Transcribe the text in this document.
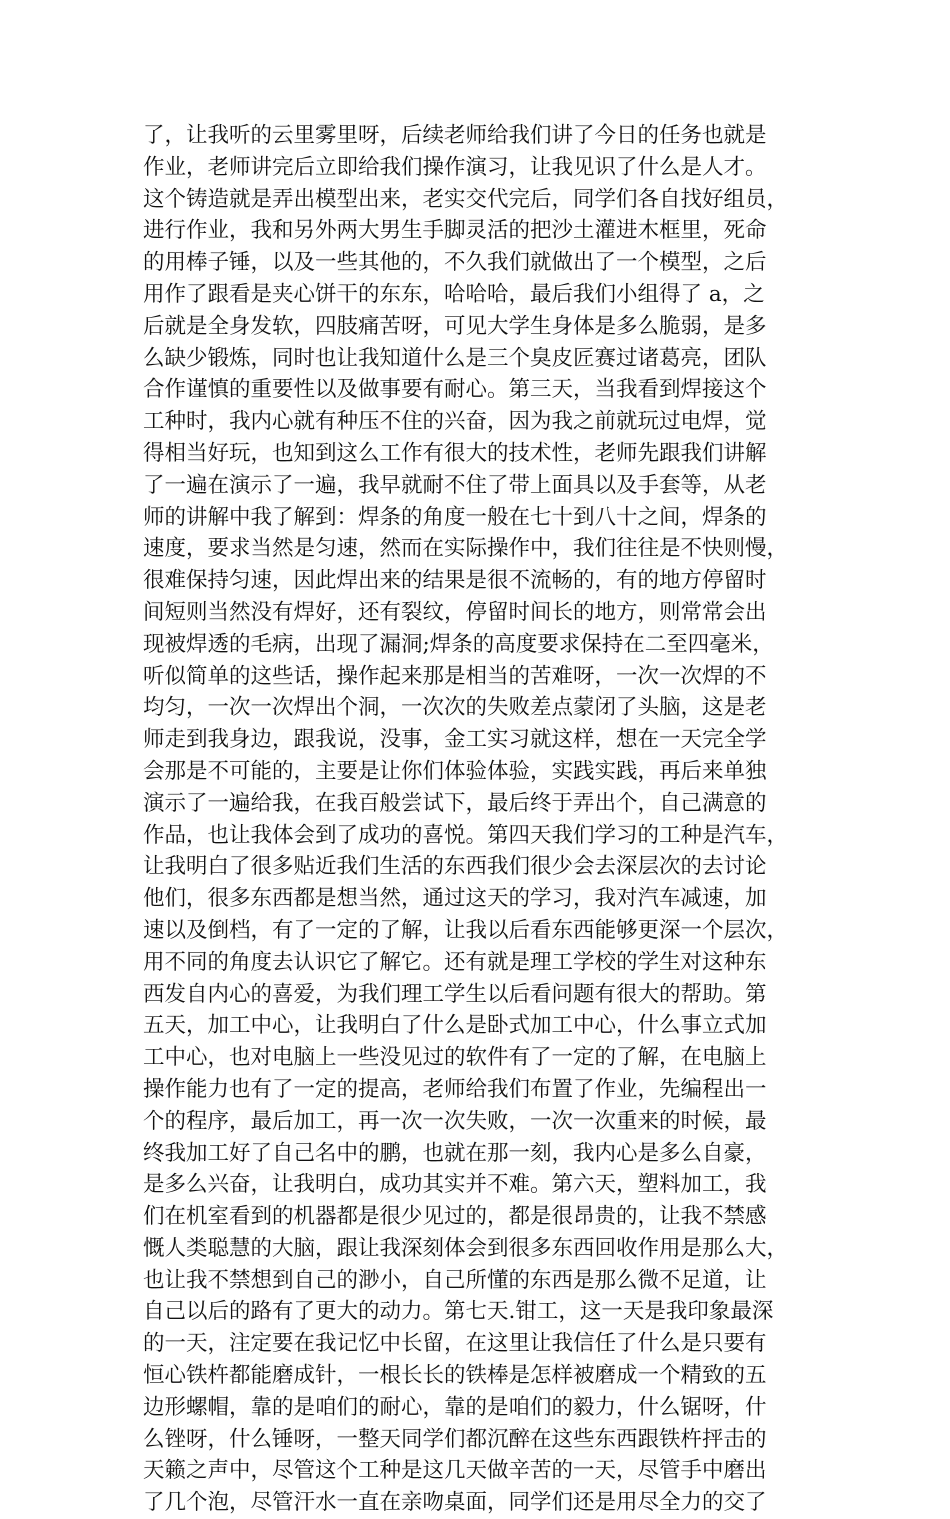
了，让我听的云里雾里呀，后续老师给我们讲了今日的任务也就是
作业，老师讲完后立即给我们操作演习，让我见识了什么是人才。
这个铸造就是弄出模型出来，老实交代完后，同学们各自找好组员，
进行作业，我和另外两大男生手脚灵活的把沙土灌进木框里，死命
的用棒子锤，以及一些其他的，不久我们就做出了一个模型，之后
用作了跟看是夹心饼干的东东，哈哈哈，最后我们小组得了 a，之
后就是全身发软，四肢痛苦呀，可见大学生身体是多么脆弱，是多
么缺少锻炼，同时也让我知道什么是三个臭皮匠赛过诸葛亮，团队
合作谨慎的重要性以及做事要有耐心。第三天，当我看到焊接这个
工种时，我内心就有种压不住的兴奋，因为我之前就玩过电焊，觉
得相当好玩，也知到这么工作有很大的技术性，老师先跟我们讲解
了一遍在演示了一遍，我早就耐不住了带上面具以及手套等，从老
师的讲解中我了解到：焊条的角度一般在七十到八十之间，焊条的
速度，要求当然是匀速，然而在实际操作中，我们往往是不快则慢，
很难保持匀速，因此焊出来的结果是很不流畅的，有的地方停留时
间短则当然没有焊好，还有裂纹，停留时间长的地方，则常常会出
现被焊透的毛病，出现了漏洞;焊条的高度要求保持在二至四毫米，
听似简单的这些话，操作起来那是相当的苦难呀，一次一次焊的不
均匀，一次一次焊出个洞，一次次的失败差点蒙闭了头脑，这是老
师走到我身边，跟我说，没事，金工实习就这样，想在一天完全学
会那是不可能的，主要是让你们体验体验，实践实践，再后来单独
演示了一遍给我，在我百般尝试下，最后终于弄出个，自己满意的
作品，也让我体会到了成功的喜悦。第四天我们学习的工种是汽车，
让我明白了很多贴近我们生活的东西我们很少会去深层次的去讨论
他们，很多东西都是想当然，通过这天的学习，我对汽车减速，加
速以及倒档，有了一定的了解，让我以后看东西能够更深一个层次，
用不同的角度去认识它了解它。还有就是理工学校的学生对这种东
西发自内心的喜爱，为我们理工学生以后看问题有很大的帮助。第
五天，加工中心，让我明白了什么是卧式加工中心，什么事立式加
工中心，也对电脑上一些没见过的软件有了一定的了解，在电脑上
操作能力也有了一定的提高，老师给我们布置了作业，先编程出一
个的程序，最后加工，再一次一次失败，一次一次重来的时候，最
终我加工好了自己名中的鹏，也就在那一刻，我内心是多么自豪，
是多么兴奋，让我明白，成功其实并不难。第六天，塑料加工，我
们在机室看到的机器都是很少见过的，都是很昂贵的，让我不禁感
慨人类聪慧的大脑，跟让我深刻体会到很多东西回收作用是那么大，
也让我不禁想到自己的渺小，自己所懂的东西是那么微不足道，让
自己以后的路有了更大的动力。第七天.钳工，这一天是我印象最深
的一天，注定要在我记忆中长留，在这里让我信任了什么是只要有
恒心铁杵都能磨成针，一根长长的铁棒是怎样被磨成一个精致的五
边形螺帽，靠的是咱们的耐心，靠的是咱们的毅力，什么锯呀，什
么锉呀，什么锤呀，一整天同学们都沉醉在这些东西跟铁杵抨击的
天籁之声中，尽管这个工种是这几天做辛苦的一天，尽管手中磨出
了几个泡，尽管汗水一直在亲吻桌面，同学们还是用尽全力的交了
